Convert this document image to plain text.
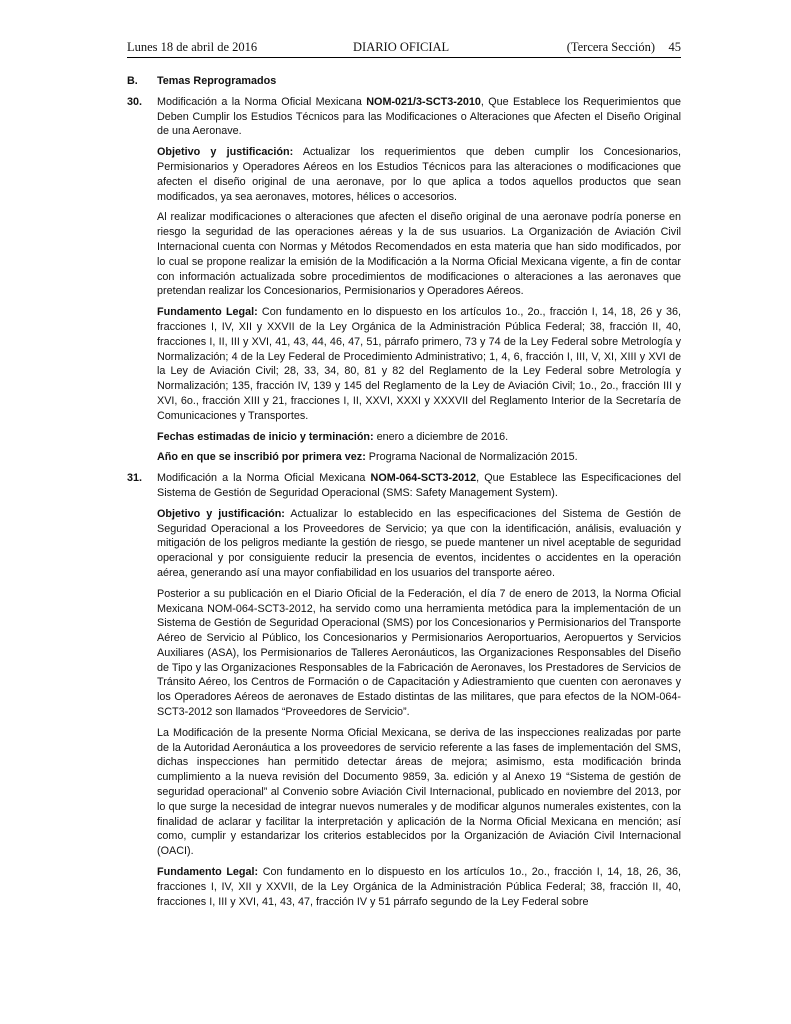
Lunes 18 de abril de 2016	DIARIO OFICIAL	(Tercera Sección) 45
B. Temas Reprogramados
30. Modificación a la Norma Oficial Mexicana NOM-021/3-SCT3-2010, Que Establece los Requerimientos que Deben Cumplir los Estudios Técnicos para las Modificaciones o Alteraciones que Afecten el Diseño Original de una Aeronave.
Objetivo y justificación: Actualizar los requerimientos que deben cumplir los Concesionarios, Permisionarios y Operadores Aéreos en los Estudios Técnicos para las alteraciones o modificaciones que afecten el diseño original de una aeronave, por lo que aplica a todos aquellos productos que sean modificados, ya sea aeronaves, motores, hélices o accesorios.
Al realizar modificaciones o alteraciones que afecten el diseño original de una aeronave podría ponerse en riesgo la seguridad de las operaciones aéreas y la de sus usuarios. La Organización de Aviación Civil Internacional cuenta con Normas y Métodos Recomendados en esta materia que han sido modificados, por lo cual se propone realizar la emisión de la Modificación a la Norma Oficial Mexicana vigente, a fin de contar con información actualizada sobre procedimientos de modificaciones o alteraciones a las aeronaves que pretendan realizar los Concesionarios, Permisionarios y Operadores Aéreos.
Fundamento Legal: Con fundamento en lo dispuesto en los artículos 1o., 2o., fracción I, 14, 18, 26 y 36, fracciones I, IV, XII y XXVII de la Ley Orgánica de la Administración Pública Federal; 38, fracción II, 40, fracciones I, II, III y XVI, 41, 43, 44, 46, 47, 51, párrafo primero, 73 y 74 de la Ley Federal sobre Metrología y Normalización; 4 de la Ley Federal de Procedimiento Administrativo; 1, 4, 6, fracción I, III, V, XI, XIII y XVI de la Ley de Aviación Civil; 28, 33, 34, 80, 81 y 82 del Reglamento de la Ley Federal sobre Metrología y Normalización; 135, fracción IV, 139 y 145 del Reglamento de la Ley de Aviación Civil; 1o., 2o., fracción III y XVI, 6o., fracción XIII y 21, fracciones I, II, XXVI, XXXI y XXXVII del Reglamento Interior de la Secretaría de Comunicaciones y Transportes.
Fechas estimadas de inicio y terminación: enero a diciembre de 2016.
Año en que se inscribió por primera vez: Programa Nacional de Normalización 2015.
31. Modificación a la Norma Oficial Mexicana NOM-064-SCT3-2012, Que Establece las Especificaciones del Sistema de Gestión de Seguridad Operacional (SMS: Safety Management System).
Objetivo y justificación: Actualizar lo establecido en las especificaciones del Sistema de Gestión de Seguridad Operacional a los Proveedores de Servicio; ya que con la identificación, análisis, evaluación y mitigación de los peligros mediante la gestión de riesgo, se puede mantener un nivel aceptable de seguridad operacional y por consiguiente reducir la presencia de eventos, incidentes o accidentes en la operación aérea, generando así una mayor confiabilidad en los usuarios del transporte aéreo.
Posterior a su publicación en el Diario Oficial de la Federación, el día 7 de enero de 2013, la Norma Oficial Mexicana NOM-064-SCT3-2012, ha servido como una herramienta metódica para la implementación de un Sistema de Gestión de Seguridad Operacional (SMS) por los Concesionarios y Permisionarios del Transporte Aéreo de Servicio al Público, los Concesionarios y Permisionarios Aeroportuarios, Aeropuertos y Servicios Auxiliares (ASA), los Permisionarios de Talleres Aeronáuticos, las Organizaciones Responsables del Diseño de Tipo y las Organizaciones Responsables de la Fabricación de Aeronaves, los Prestadores de Servicios de Tránsito Aéreo, los Centros de Formación o de Capacitación y Adiestramiento que cuenten con aeronaves y los Operadores Aéreos de aeronaves de Estado distintas de las militares, que para efectos de la NOM-064-SCT3-2012 son llamados “Proveedores de Servicio”.
La Modificación de la presente Norma Oficial Mexicana, se deriva de las inspecciones realizadas por parte de la Autoridad Aeronáutica a los proveedores de servicio referente a las fases de implementación del SMS, dichas inspecciones han permitido detectar áreas de mejora; asimismo, esta modificación brinda cumplimiento a la nueva revisión del Documento 9859, 3a. edición y al Anexo 19 “Sistema de gestión de seguridad operacional” al Convenio sobre Aviación Civil Internacional, publicado en noviembre del 2013, por lo que surge la necesidad de integrar nuevos numerales y de modificar algunos numerales existentes, con la finalidad de aclarar y facilitar la interpretación y aplicación de la Norma Oficial Mexicana en mención; así como, cumplir y estandarizar los criterios establecidos por la Organización de Aviación Civil Internacional (OACI).
Fundamento Legal: Con fundamento en lo dispuesto en los artículos 1o., 2o., fracción I, 14, 18, 26, 36, fracciones I, IV, XII y XXVII, de la Ley Orgánica de la Administración Pública Federal; 38, fracción II, 40, fracciones I, III y XVI, 41, 43, 47, fracción IV y 51 párrafo segundo de la Ley Federal sobre
